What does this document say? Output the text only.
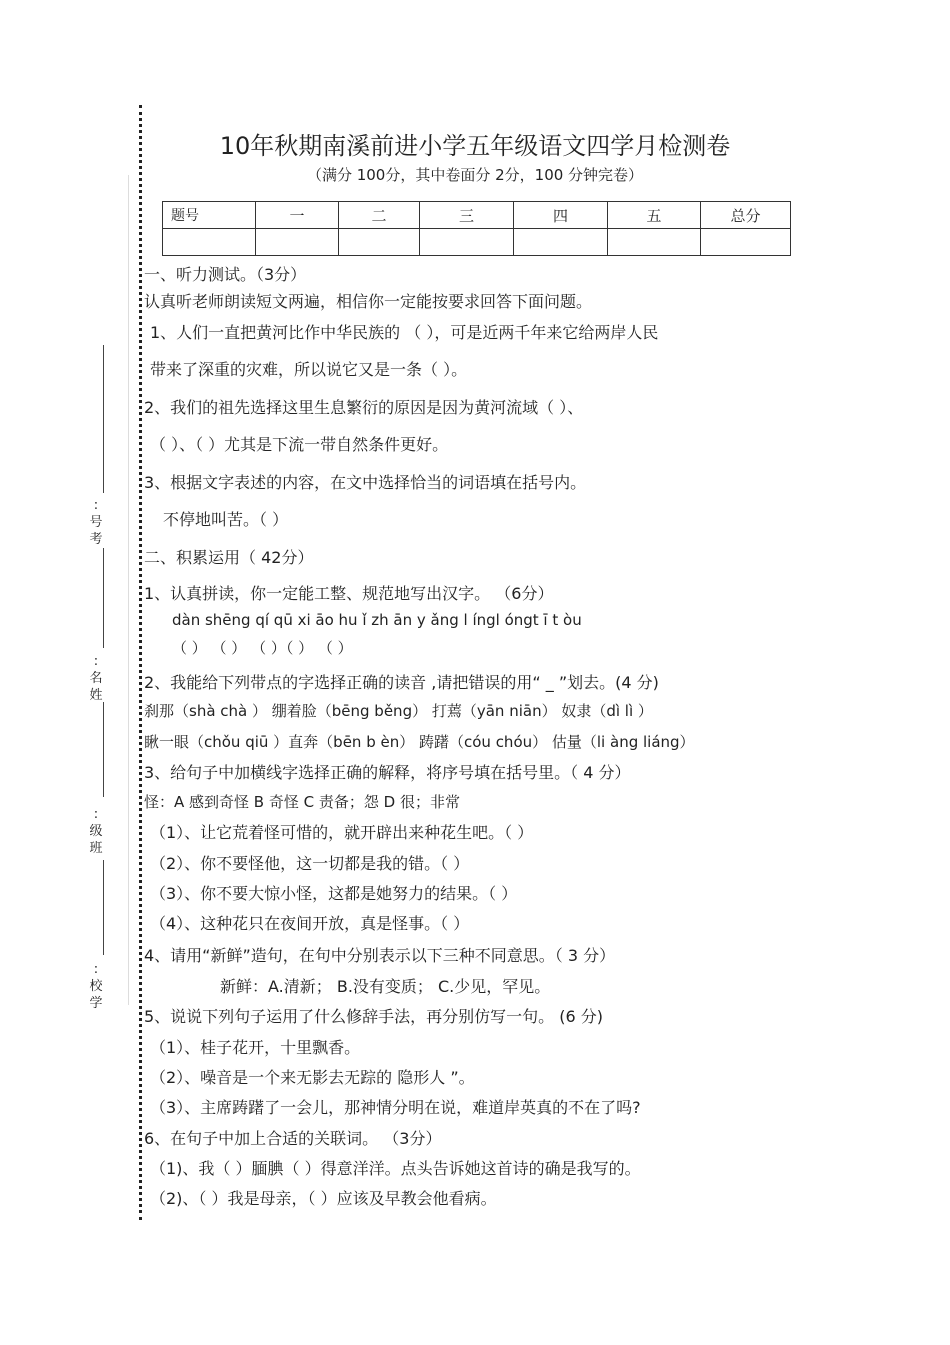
: 号 考
: 名 姓
: 级 班
: 校 学
10年秋期南溪前进小学五年级语文四学月检测卷
（满分 100分，其中卷面分 2分，100 分钟完卷）
题号	一	二	三	四	五	总分

一、听力测试。（3分）
认真听老师朗读短文两遍，相信你一定能按要求回答下面问题。
1、人们一直把黄河比作中华民族的 （ ），可是近两千年来它给两岸人民
带来了深重的灾难，所以说它又是一条（ ）。
2、我们的祖先选择这里生息繁衍的原因是因为黄河流域（ ）、
（ ）、（ ）尤其是下流一带自然条件更好。
3、根据文字表述的内容，在文中选择恰当的词语填在括号内。
不停地叫苦。（ ）
二、积累运用（ 42分）
1、认真拼读，你一定能工整、规范地写出汉字。 （6分）
dàn shēng qí qū xi āo hu ǐ zh ān y ǎng l íngl óngt ī t òu
（ ） （ ） （ ）（ ） （ ）
2、我能给下列带点的字选择正确的读音 ,请把错误的用“ _ ”划去。(4 分)
刹那（shà chà ） 绷着脸（bēng běng） 打蔫（yān niān） 奴隶（dì lì ）
瞅一眼（chǒu qiū ）直奔（bēn b èn） 踌躇（cóu chóu） 估量（li àng liáng）
3、给句子中加横线字选择正确的解释，将序号填在括号里。（ 4 分）
怪：A 感到奇怪 B 奇怪 C 责备；怨 D 很；非常
（1）、让它荒着怪可惜的，就开辟出来种花生吧。（ ）
（2）、你不要怪他，这一切都是我的错。（ ）
（3）、你不要大惊小怪，这都是她努力的结果。（ ）
（4）、这种花只在夜间开放，真是怪事。（ ）
4、请用“新鲜”造句，在句中分别表示以下三种不同意思。（ 3 分）
新鲜：A.清新； B.没有变质； C.少见，罕见。
5、说说下列句子运用了什么修辞手法，再分别仿写一句。 (6 分)
（1）、桂子花开，十里飘香。
（2）、噪音是一个来无影去无踪的 隐形人 ”。
（3）、主席踌躇了一会儿，那神情分明在说，难道岸英真的不在了吗?
6、在句子中加上合适的关联词。 （3分）
（1)、我（ ）腼腆（ ）得意洋洋。点头告诉她这首诗的确是我写的。
（2)、（ ）我是母亲，（ ）应该及早教会他看病。
